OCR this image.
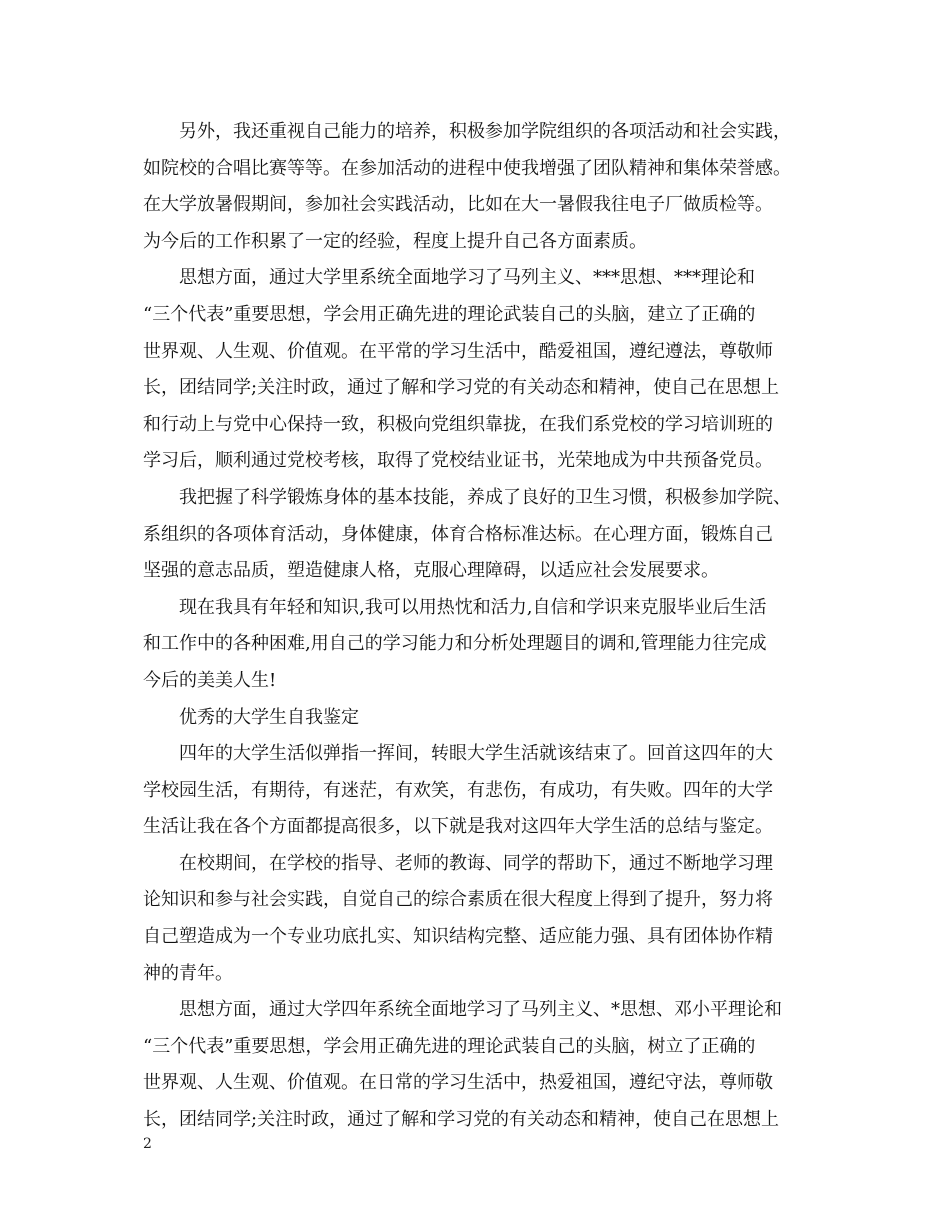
　　另外，我还重视自己能力的培养，积极参加学院组织的各项活动和社会实践，
如院校的合唱比赛等等。在参加活动的进程中使我增强了团队精神和集体荣誉感。
在大学放暑假期间，参加社会实践活动，比如在大一暑假我往电子厂做质检等。
为今后的工作积累了一定的经验，程度上提升自己各方面素质。
　　思想方面，通过大学里系统全面地学习了马列主义、***思想、***理论和
“三个代表”重要思想，学会用正确先进的理论武装自己的头脑，建立了正确的
世界观、人生观、价值观。在平常的学习生活中，酷爱祖国，遵纪遵法，尊敬师
长，团结同学;关注时政，通过了解和学习党的有关动态和精神，使自己在思想上
和行动上与党中心保持一致，积极向党组织靠拢，在我们系党校的学习培训班的
学习后，顺利通过党校考核，取得了党校结业证书，光荣地成为中共预备党员。
　　我把握了科学锻炼身体的基本技能，养成了良好的卫生习惯，积极参加学院、
系组织的各项体育活动，身体健康，体育合格标准达标。在心理方面，锻炼自己
坚强的意志品质，塑造健康人格，克服心理障碍，以适应社会发展要求。
　　现在我具有年轻和知识,我可以用热忱和活力,自信和学识来克服毕业后生活
和工作中的各种困难,用自己的学习能力和分析处理题目的调和,管理能力往完成
今后的美美人生!
　　优秀的大学生自我鉴定
　　四年的大学生活似弹指一挥间，转眼大学生活就该结束了。回首这四年的大
学校园生活，有期待，有迷茫，有欢笑，有悲伤，有成功，有失败。四年的大学
生活让我在各个方面都提高很多，以下就是我对这四年大学生活的总结与鉴定。
　　在校期间，在学校的指导、老师的教诲、同学的帮助下，通过不断地学习理
论知识和参与社会实践，自觉自己的综合素质在很大程度上得到了提升，努力将
自己塑造成为一个专业功底扎实、知识结构完整、适应能力强、具有团体协作精
神的青年。
　　思想方面，通过大学四年系统全面地学习了马列主义、*思想、邓小平理论和
“三个代表”重要思想，学会用正确先进的理论武装自己的头脑，树立了正确的
世界观、人生观、价值观。在日常的学习生活中，热爱祖国，遵纪守法，尊师敬
长，团结同学;关注时政，通过了解和学习党的有关动态和精神，使自己在思想上
2
